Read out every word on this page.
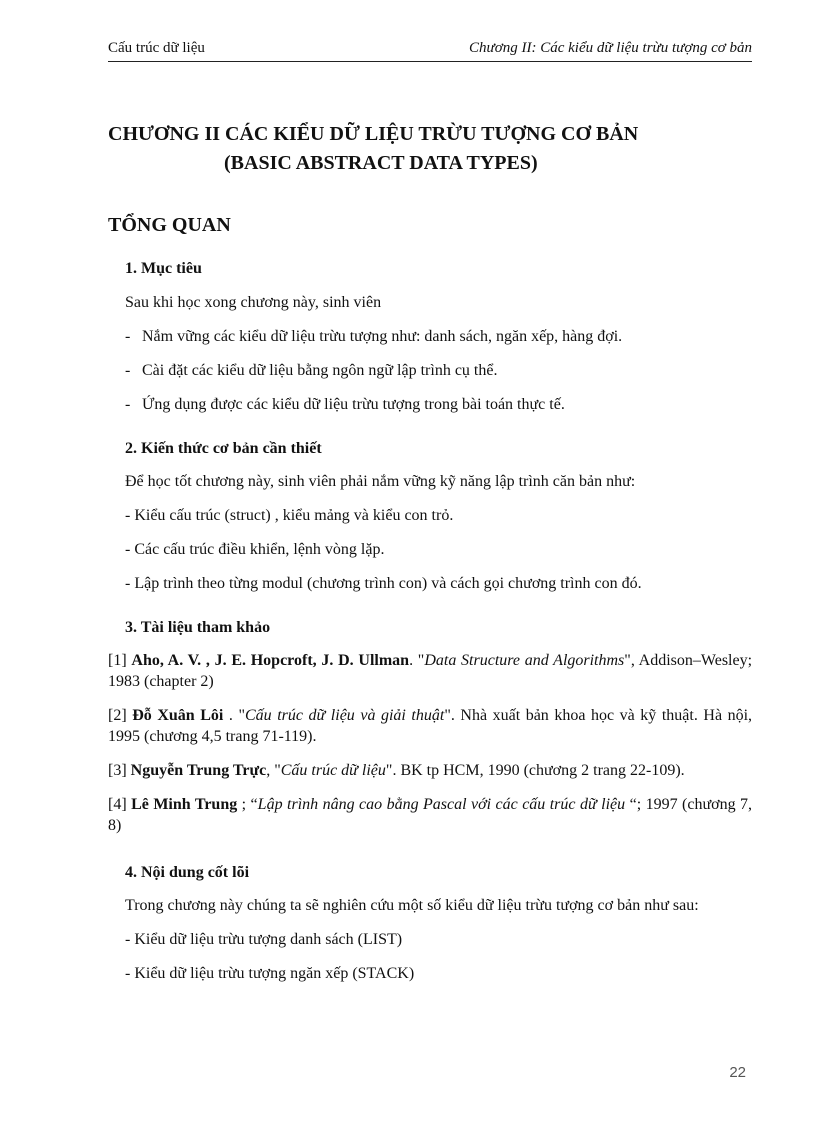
Cấu trúc dữ liệu	Chương II: Các kiểu dữ liệu trừu tượng cơ bản
CHƯƠNG II CÁC KIỂU DỮ LIỆU TRỪU TƯỢNG CƠ BẢN
(BASIC ABSTRACT DATA TYPES)
TỔNG QUAN

1. Mục tiêu

Sau khi học xong chương này, sinh viên

- Nắm vững các kiểu dữ liệu trừu tượng như: danh sách, ngăn xếp, hàng đợi.

- Cài đặt các kiểu dữ liệu bằng ngôn ngữ lập trình cụ thể.

- Ứng dụng được các kiểu dữ liệu trừu tượng trong bài toán thực tế.

2. Kiến thức cơ bản cần thiết

Để học tốt chương này, sinh viên phải nắm vững kỹ năng lập trình căn bản như:

- Kiểu cấu trúc (struct) , kiểu mảng và kiểu con trỏ.

- Các cấu trúc điều khiển, lệnh vòng lặp.

- Lập trình theo từng modul (chương trình con) và cách gọi chương trình con đó.

3. Tài liệu tham khảo

[1] Aho, A. V. , J. E. Hopcroft, J. D. Ullman. "Data Structure and Algorithms", Addison–Wesley; 1983 (chapter 2)

[2] Đỗ Xuân Lôi . "Cấu trúc dữ liệu và giải thuật". Nhà xuất bản khoa học và kỹ thuật. Hà nội, 1995 (chương 4,5 trang 71-119).

[3] Nguyễn Trung Trực, "Cấu trúc dữ liệu". BK tp HCM, 1990 (chương 2 trang 22-109).

[4] Lê Minh Trung ; “Lập trình nâng cao bằng Pascal với các cấu trúc dữ liệu “; 1997 (chương 7, 8)

4. Nội dung cốt lõi

Trong chương này chúng ta sẽ nghiên cứu một số kiểu dữ liệu trừu tượng cơ bản như sau:

- Kiểu dữ liệu trừu tượng danh sách (LIST)

- Kiểu dữ liệu trừu tượng ngăn xếp (STACK)

22
